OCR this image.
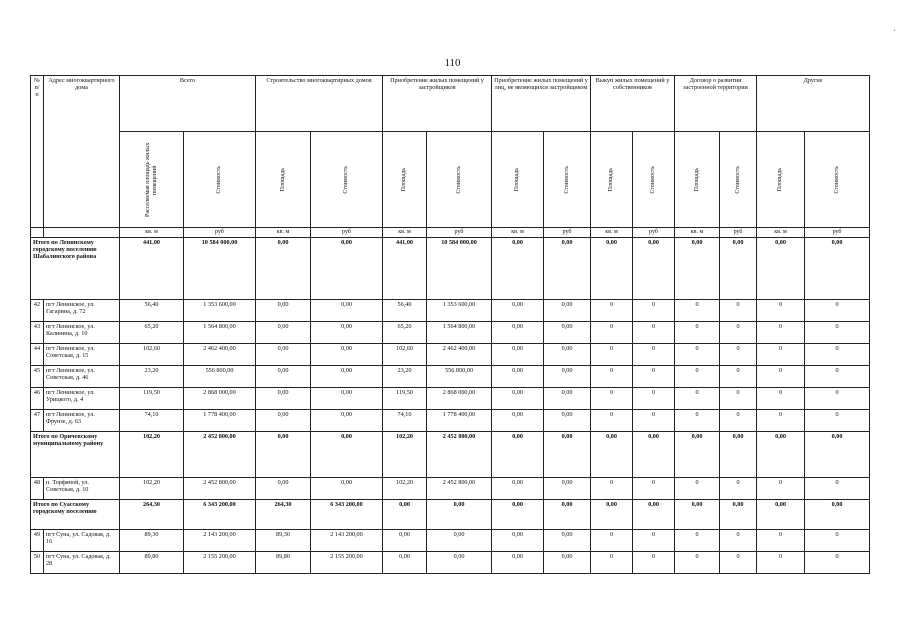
110
`
№ п/п	Адрес многоквартирного дома	Всего		Строительство многоквартирных домов		Приобретение жилых помещений у застройщиков		Приобретение жилых помещений у лиц, не являющихся застройщиком		Выкуп жилых помещений у собственников		Договор о развитии застроенной территории		Другие	

		Расселяемая площадь жилых помещений	Стоимость	Площадь	Стоимость	Площадь	Стоимость	Площадь	Стоимость	Площадь	Стоимость	Площадь	Стоимость	Площадь	Стоимость

		кв. м	руб	кв. м	руб	кв. м	руб	кв. м	руб	кв. м	руб	кв. м	руб	кв. м	руб
Итого по Ленинскому городскому поселению Шабалинского района		441,00	10 584 000,00	0,00	0,00	441,00	10 584 000,00	0,00	0,00	0,00	0,00	0,00	0,00	0,00	0,00
42	пгт Ленинское, ул. Гагарина, д. 72	56,40	1 353 600,00	0,00	0,00	56,40	1 353 600,00	0,00	0,00	0	0	0	0	0	0
43	пгт Ленинское, ул. Калинина, д. 10	65,20	1 564 800,00	0,00	0,00	65,20	1 564 800,00	0,00	0,00	0	0	0	0	0	0
44	пгт Ленинское, ул. Советская, д. 15	102,60	2 462 400,00	0,00	0,00	102,60	2 462 400,00	0,00	0,00	0	0	0	0	0	0
45	пгт Ленинское, ул. Советская, д. 46	23,20	556 800,00	0,00	0,00	23,20	556 800,00	0,00	0,00	0	0	0	0	0	0
46	пгт Ленинское, ул. Урицкого, д. 4	119,50	2 868 000,00	0,00	0,00	119,50	2 868 000,00	0,00	0,00	0	0	0	0	0	0
47	пгт Ленинское, ул. Фрунзе, д. 63	74,10	1 778 400,00	0,00	0,00	74,10	1 778 400,00	0,00	0,00	0	0	0	0	0	0
Итого по Оричевскому муниципальному району		102,20	2 452 800,00	0,00	0,00	102,20	2 452 800,00	0,00	0,00	0,00	0,00	0,00	0,00	0,00	0,00
48	п. Торфяной, ул. Советская, д. 10	102,20	2 452 800,00	0,00	0,00	102,20	2 452 800,00	0,00	0,00	0	0	0	0	0	0
Итого по Суасскому городскому поселению		264,30	6 343 200,00	264,30	6 343 200,00	0,00	0,00	0,00	0,00	0,00	0,00	0,00	0,00	0,00	0,00
49	пгт Суна, ул. Садовая, д. 16	89,30	2 143 200,00	89,30	2 143 200,00	0,00	0,00	0,00	0,00	0	0	0	0	0	0
50	пгт Суна, ул. Садовая, д. 28	89,80	2 155 200,00	89,80	2 155 200,00	0,00	0,00	0,00	0,00	0	0	0	0	0	0
